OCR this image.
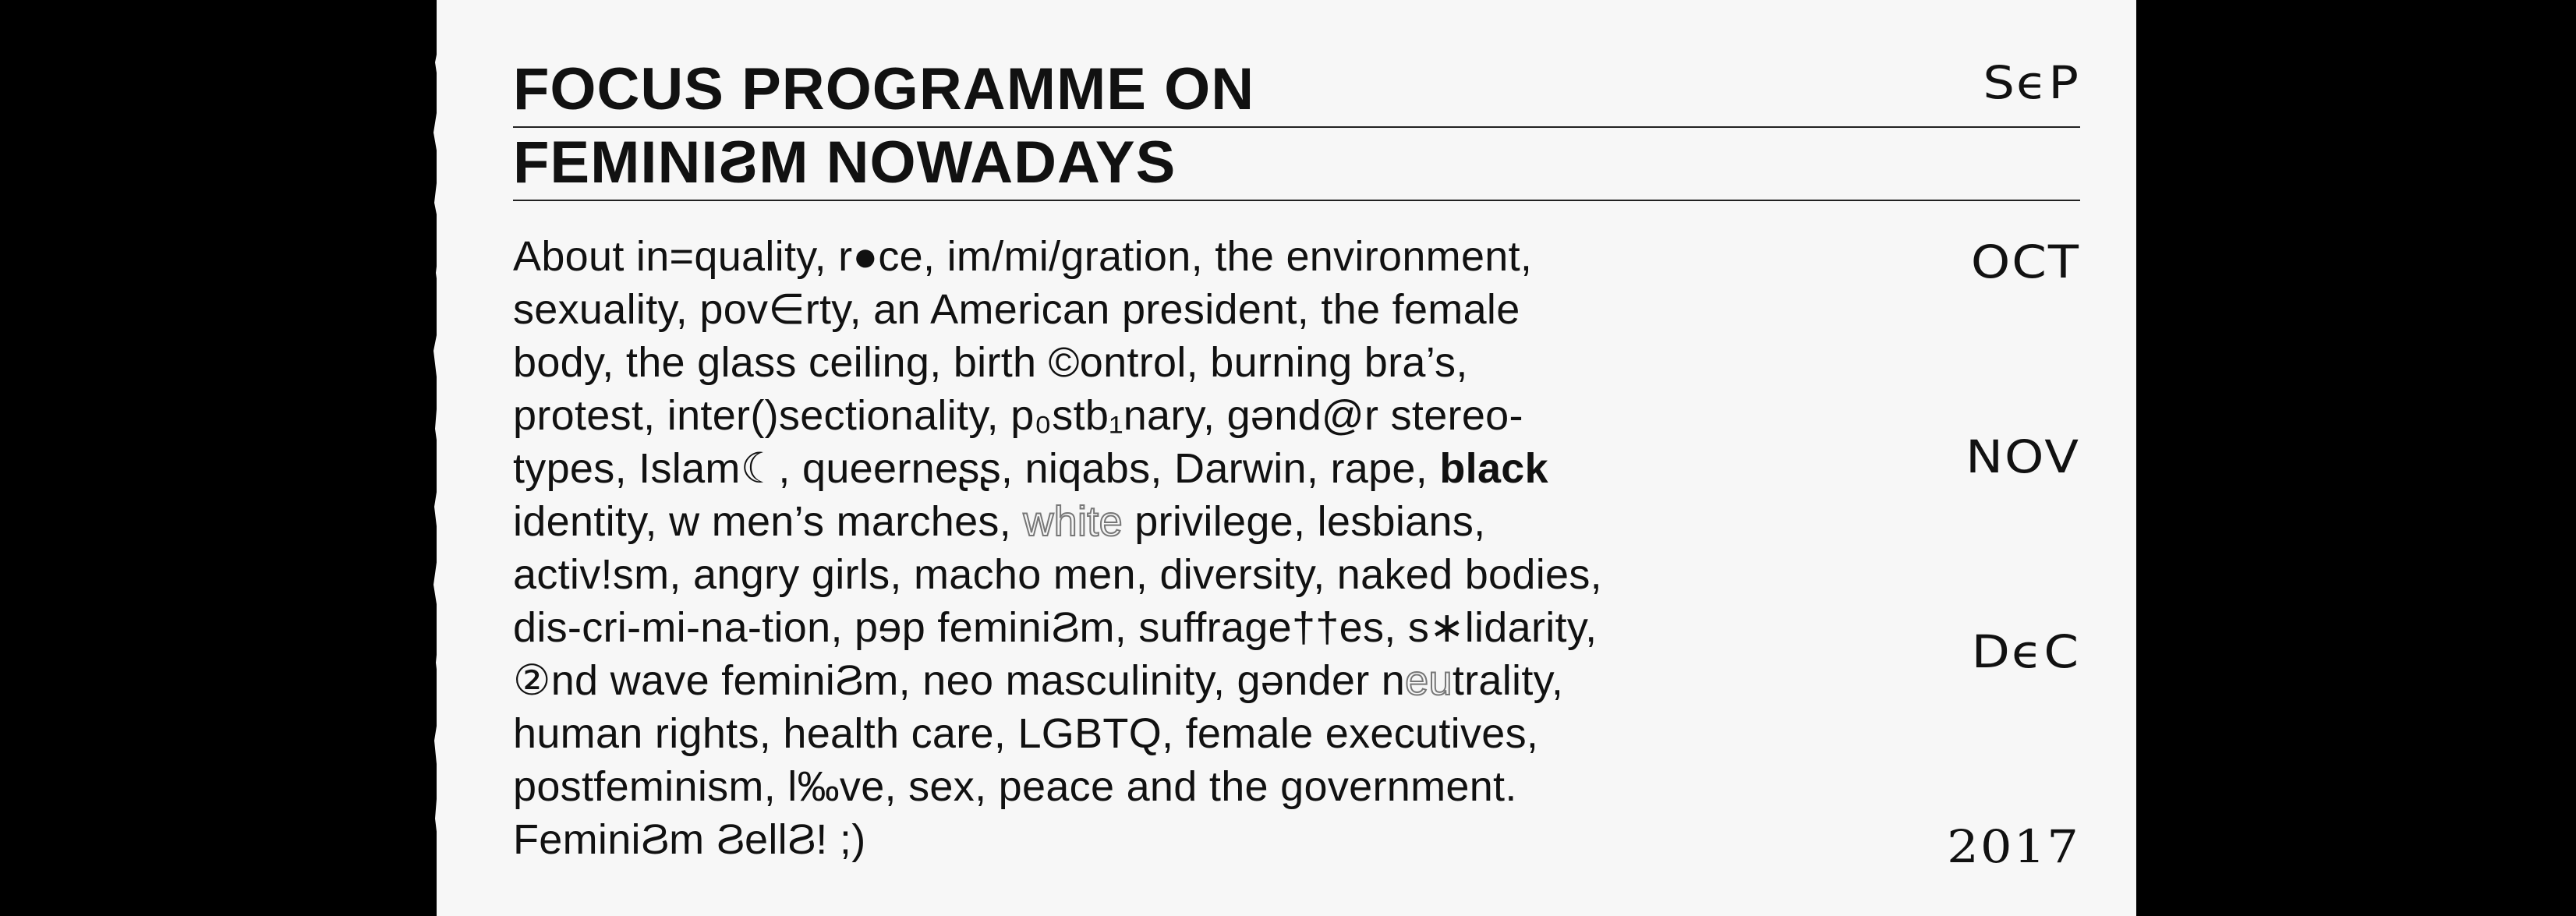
FOCUS PROGRAMME ON
FEMINIϨM NOWADAYS
About in=quality, r●ce, im/mi/gration, the environment,
sexuality, pov∈rty, an American president, the female
body, the glass ceiling, birth ©ontrol, burning bra’s,
protest, inter()sectionality, p₀stb₁nary, gənd@r stereo-
types, Islam☾, queerneʂʂ, niqabs, Darwin, rape, black
identity, w men’s marches, white privilege, lesbians,
activ!sm, angry girls, macho men, diversity, naked bodies,
dis-cri-mi-na-tion, pɘp feminiϨm, suffrage††es, s∗lidarity,
②nd wave feminiϨm, neo masculinity, gənder neutrality,
human rights, health care, LGBTQ, female executives,
postfeminism, l‰ve, sex, peace and the government.
FeminiϨm ϨellϨ! ;)
SϵP
OCT
NOV
DϵC
2017
